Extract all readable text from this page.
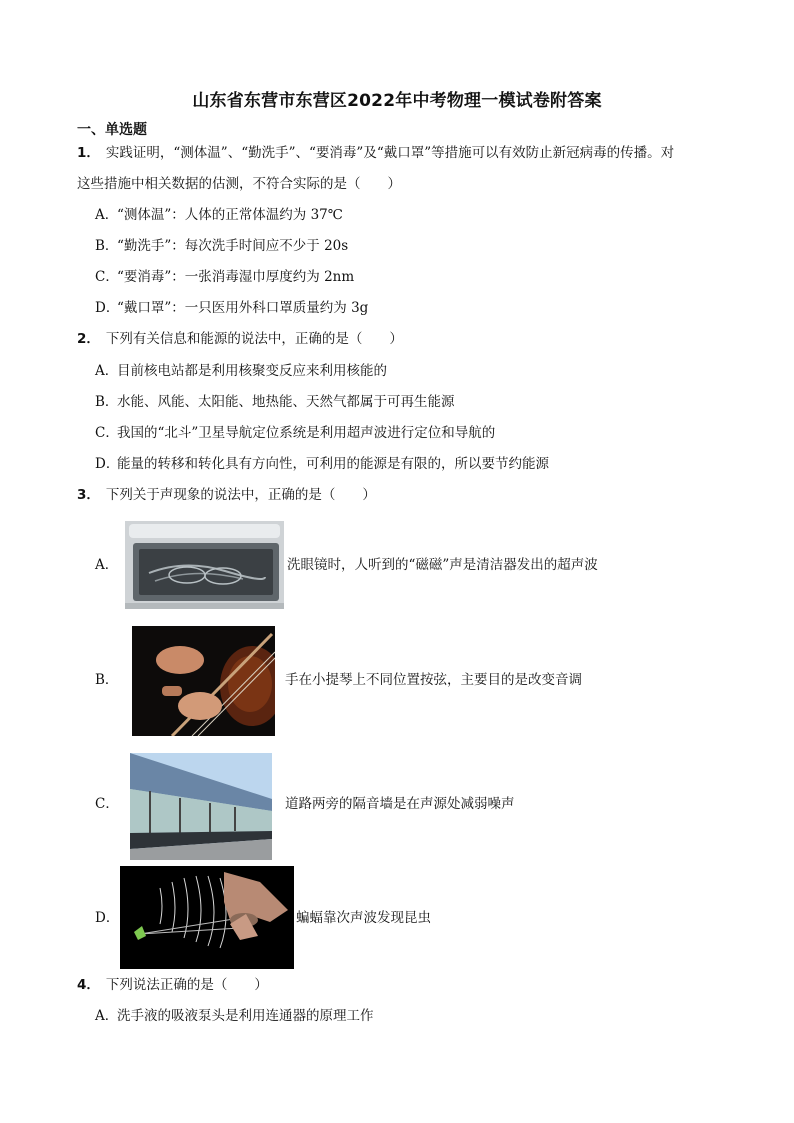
山东省东营市东营区2022年中考物理一模试卷附答案
一、单选题
1． 实践证明，“测体温”、“勤洗手”、“要消毒”及“戴口罩”等措施可以有效防止新冠病毒的传播。对
这些措施中相关数据的估测，不符合实际的是（　　）
A．“测体温”：人体的正常体温约为 37℃
B．“勤洗手”：每次洗手时间应不少于 20s
C．“要消毒”：一张消毒湿巾厚度约为 2nm
D．“戴口罩”：一只医用外科口罩质量约为 3g
2． 下列有关信息和能源的说法中，正确的是（　　）
A．目前核电站都是利用核聚变反应来利用核能的
B．水能、风能、太阳能、地热能、天然气都属于可再生能源
C．我国的“北斗”卫星导航定位系统是利用超声波进行定位和导航的
D．能量的转移和转化具有方向性，可利用的能源是有限的，所以要节约能源
3． 下列关于声现象的说法中，正确的是（　　）
A．	洗眼镜时，人听到的“磁磁”声是清洁器发出的超声波
B．	手在小提琴上不同位置按弦，主要目的是改变音调
C．	道路两旁的隔音墙是在声源处减弱噪声
D．	蝙蝠靠次声波发现昆虫
4． 下列说法正确的是（　　）
A．洗手液的吸液泵头是利用连通器的原理工作
